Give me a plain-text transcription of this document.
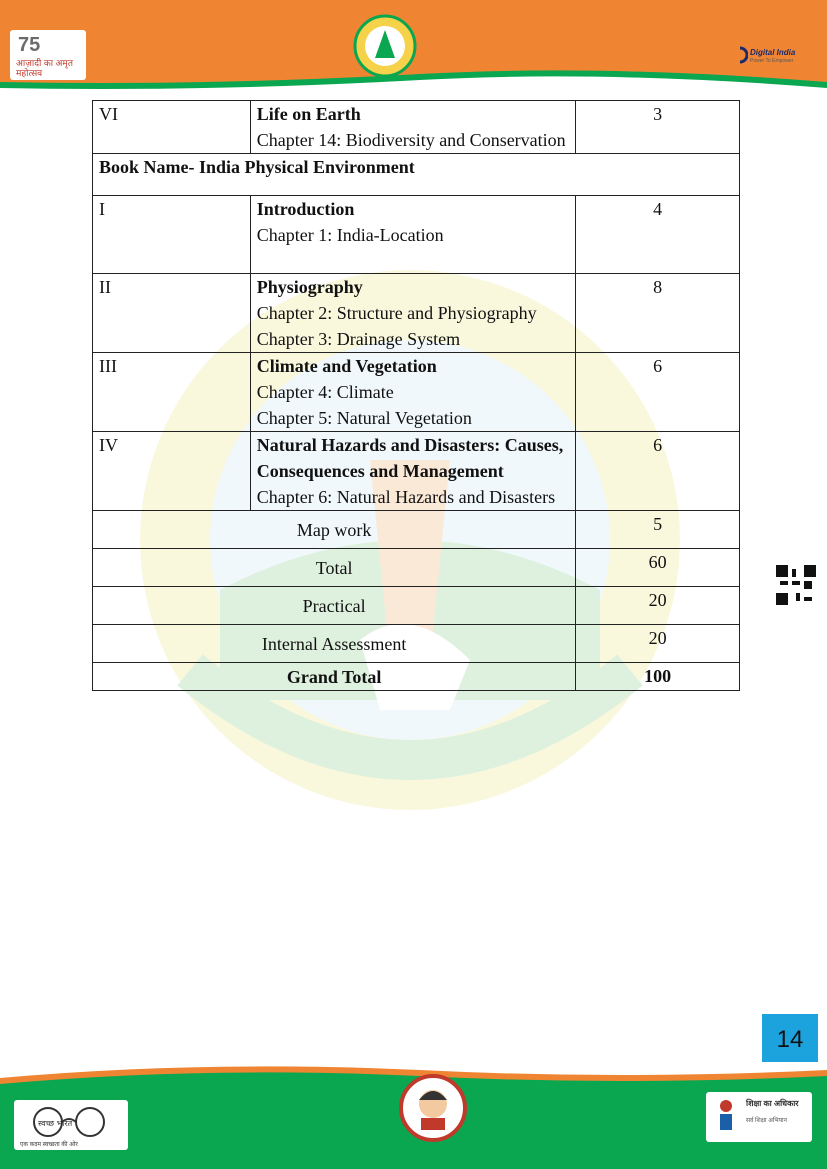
75
आज़ादी का अमृत महोत्सव
Digital India
Power To Empower
VI	Life on Earth
Chapter 14: Biodiversity and Conservation	3
Book Name- India Physical Environment		
I	Introduction
Chapter 1: India-Location	4
II	Physiography
Chapter 2: Structure and Physiography
Chapter 3: Drainage System	8
III	Climate and Vegetation
Chapter 4: Climate
Chapter 5: Natural Vegetation	6
IV	Natural Hazards and Disasters: Causes, Consequences and Management
Chapter 6: Natural Hazards and Disasters	6
Map work		5
Total		60
Practical		20
Internal Assessment		20
Grand Total		100
14
स्वच्छ भारत
एक कदम स्वच्छता की ओर
शिक्षा का अधिकार
सर्व शिक्षा अभियान
